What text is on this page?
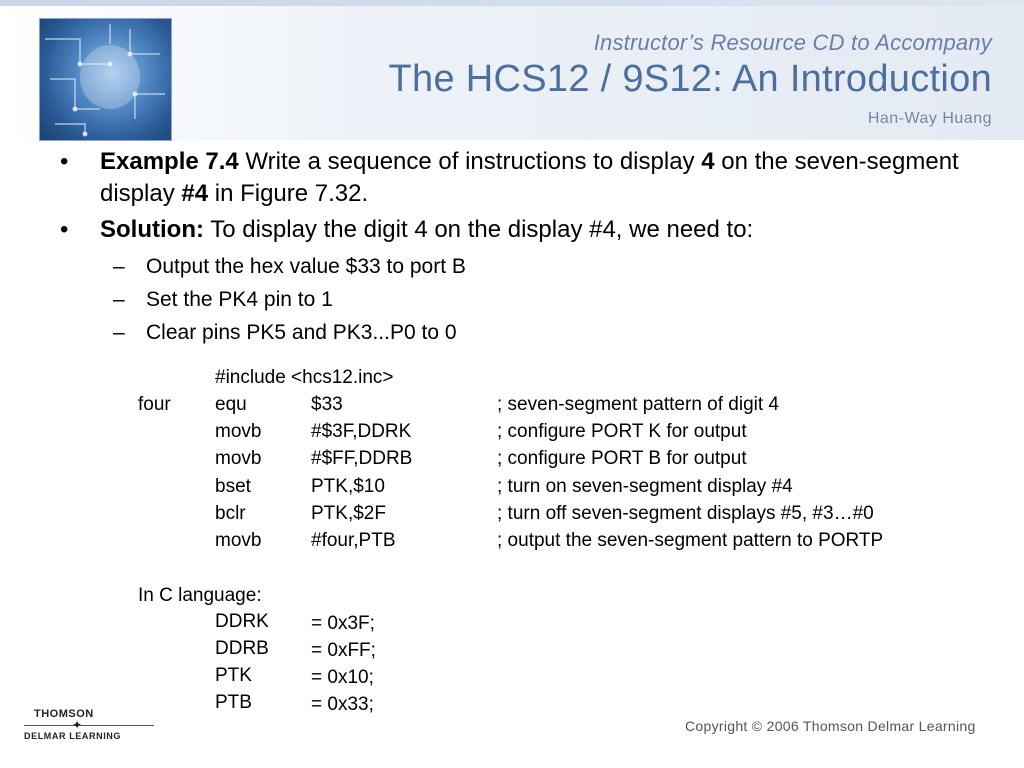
Instructor’s Resource CD to Accompany
The HCS12 / 9S12: An Introduction
Han-Way Huang
• Example 7.4 Write a sequence of instructions to display 4 on the seven-segment display #4 in Figure 7.32.
• Solution: To display the digit 4 on the display #4, we need to:
– Output the hex value $33 to port B
– Set the PK4 pin to 1
– Clear pins PK5 and PK3...P0 to 0
#include <hcs12.inc>
four equ	$33	; seven-segment pattern of digit 4
movb	#$3F,DDRK	; configure PORT K for output
movb	#$FF,DDRB	; configure PORT B for output
bset	PTK,$10	; turn on seven-segment display #4
bclr	PTK,$2F	; turn off seven-segment displays #5, #3…#0
movb	#four,PTB	; output the seven-segment pattern to PORTP
In C language:
DDRK = 0x3F;
DDRB = 0xFF;
PTK	= 0x10;
PTB	= 0x33;
THOMSON
✦
DELMAR LEARNING
Copyright © 2006 Thomson Delmar Learning
